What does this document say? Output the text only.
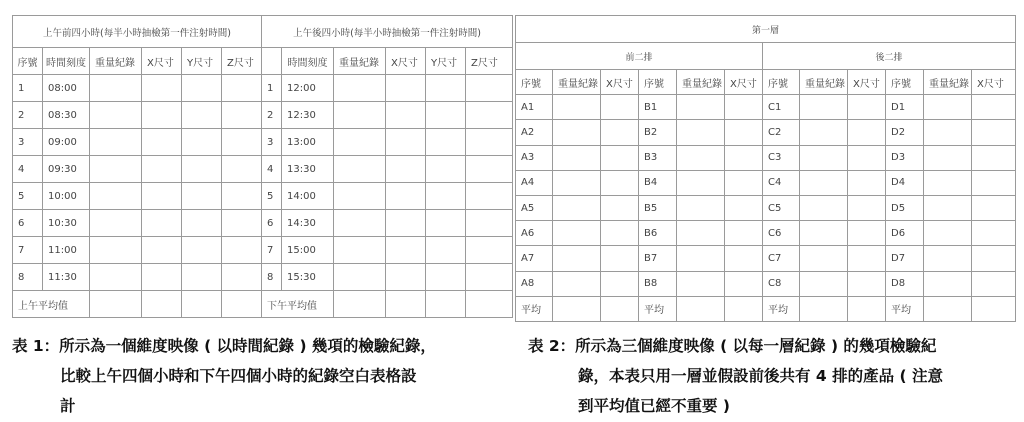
上午前四小時(每半小時抽檢第一件注射時間)						上午後四小時(每半小時抽檢第一件注射時間)					
序號	時間刻度	重量紀錄	X尺寸	Y尺寸	Z尺寸		時間刻度	重量紀錄	X尺寸	Y尺寸	Z尺寸
1	08:00					1	12:00				
2	08:30					2	12:30				
3	09:00					3	13:00				
4	09:30					4	13:30				
5	10:00					5	14:00				
6	10:30					6	14:30				
7	11:00					7	15:00				
8	11:30					8	15:30				
上午平均值						下午平均值					
第一層											
前二排						後二排					
序號	重量紀錄	X尺寸	序號	重量紀錄	X尺寸	序號	重量紀錄	X尺寸	序號	重量紀錄	X尺寸
A1			B1			C1			D1		
A2			B2			C2			D2		
A3			B3			C3			D3		
A4			B4			C4			D4		
A5			B5			C5			D5		
A6			B6			C6			D6		
A7			B7			C7			D7		
A8			B8			C8			D8		
平均			平均			平均			平均		
表 1：所示為一個維度映像 ( 以時間紀錄 ) 幾項的檢驗紀錄，
比較上午四個小時和下午四個小時的紀錄空白表格設
計
表 2：所示為三個維度映像 ( 以每一層紀錄 ) 的幾項檢驗紀
錄，本表只用一層並假設前後共有 4 排的產品 ( 注意
到平均值已經不重要 )
